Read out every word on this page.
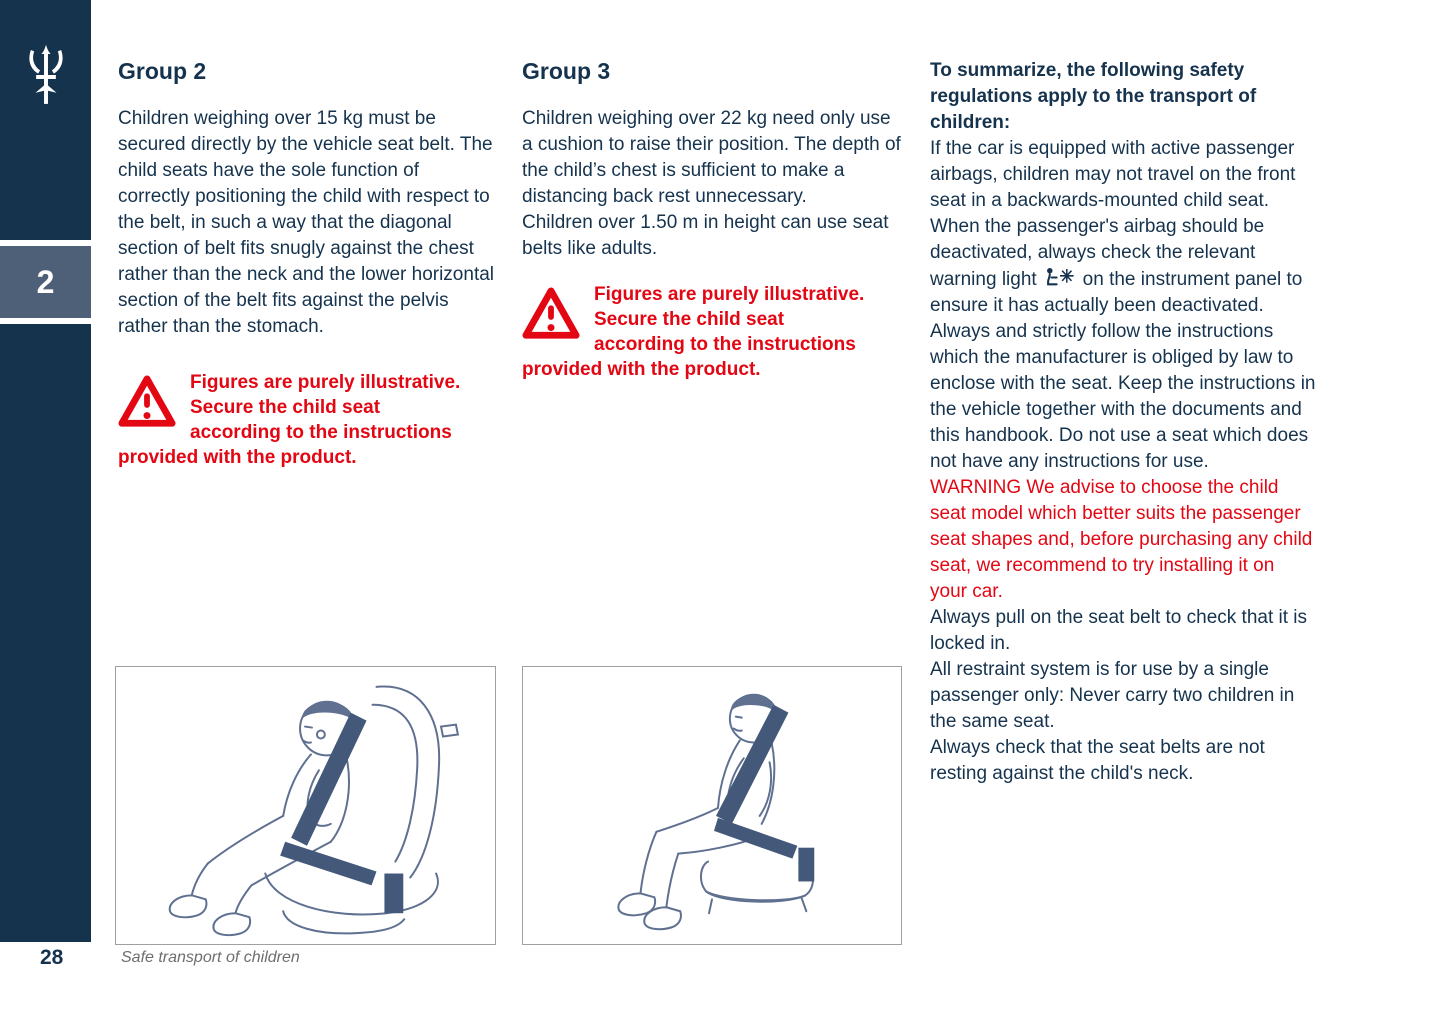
2
28	Safe transport of children
Group 2

Children weighing over 15 kg must be secured directly by the vehicle seat belt. The child seats have the sole function of correctly positioning the child with respect to the belt, in such a way that the diagonal section of belt fits snugly against the chest rather than the neck and the lower horizontal section of the belt fits against the pelvis rather than the stomach.

Figures are purely illustrative.
Secure the child seat
according to the instructions
provided with the product.
Group 3

Children weighing over 22 kg need only use a cushion to raise their position. The depth of the child’s chest is sufficient to make a distancing back rest unnecessary.

Children over 1.50 m in height can use seat belts like adults.

Figures are purely illustrative.
Secure the child seat
according to the instructions
provided with the product.

To summarize, the following safety regulations apply to the transport of children:

If the car is equipped with active passenger airbags, children may not travel on the front seat in a backwards-mounted child seat.

When the passenger's airbag should be deactivated, always check the relevant warning light on the instrument panel to ensure it has actually been deactivated.

Always and strictly follow the instructions which the manufacturer is obliged by law to enclose with the seat. Keep the instructions in the vehicle together with the documents and this handbook. Do not use a seat which does not have any instructions for use.

WARNING We advise to choose the child seat model which better suits the passenger seat shapes and, before purchasing any child seat, we recommend to try installing it on your car.

Always pull on the seat belt to check that it is locked in.

All restraint system is for use by a single passenger only: Never carry two children in the same seat.

Always check that the seat belts are not resting against the child's neck.
